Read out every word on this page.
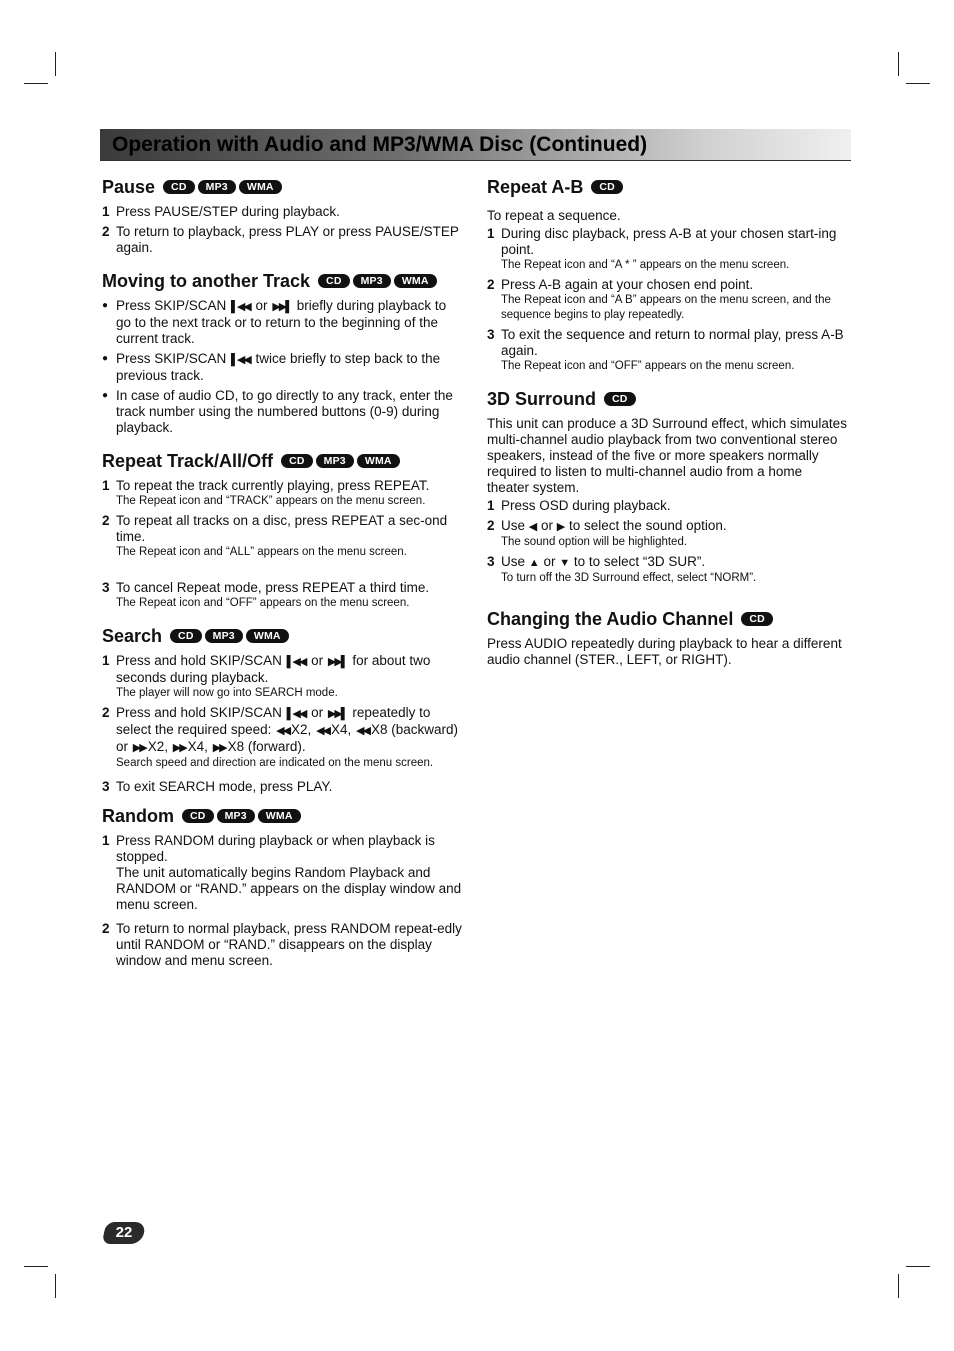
Operation with Audio and MP3/WMA Disc (Continued)
Pause	CD	MP3	WMA
1 Press PAUSE/STEP during playback.
2 To return to playback, press PLAY or press PAUSE/STEP again.
Moving to another Track	CD	MP3	WMA
● Press SKIP/SCAN ▌◀◀ or ▶▶▌ briefly during playback to go to the next track or to return to the beginning of the current track.
● Press SKIP/SCAN ▌◀◀ twice briefly to step back to the previous track.
● In case of audio CD, to go directly to any track, enter the track number using the numbered buttons (0-9) during playback.
Repeat Track/All/Off	CD	MP3	WMA
1 To repeat the track currently playing, press REPEAT.
The Repeat icon and “TRACK” appears on the menu screen.
2 To repeat all tracks on a disc, press REPEAT a sec-ond time.
The Repeat icon and “ALL” appears on the menu screen.
3 To cancel Repeat mode, press REPEAT a third time.
The Repeat icon and “OFF” appears on the menu screen.
Search	CD	MP3	WMA
1 Press and hold SKIP/SCAN ▌◀◀ or ▶▶▌ for about two seconds during playback.
The player will now go into SEARCH mode.
2 Press and hold SKIP/SCAN ▌◀◀ or ▶▶▌ repeatedly to select the required speed: ◀◀ X2, ◀◀ X4, ◀◀ X8 (backward) or ▶▶ X2, ▶▶ X4, ▶▶ X8 (forward).
Search speed and direction are indicated on the menu screen.
3 To exit SEARCH mode, press PLAY.
Random	CD	MP3	WMA
1 Press RANDOM during playback or when playback is stopped.
The unit automatically begins Random Playback and RANDOM or “RAND.” appears on the display window and menu screen.
2 To return to normal playback, press RANDOM repeat-edly until RANDOM or “RAND.” disappears on the display window and menu screen.
Repeat A-B	CD
To repeat a sequence.
1 During disc playback, press A-B at your chosen start-ing point.
The Repeat icon and “A * ” appears on the menu screen.
2 Press A-B again at your chosen end point.
The Repeat icon and “A B” appears on the menu screen, and the sequence begins to play repeatedly.
3 To exit the sequence and return to normal play, press A-B again.
The Repeat icon and “OFF” appears on the menu screen.
3D Surround	CD
This unit can produce a 3D Surround effect, which simulates multi-channel audio playback from two conventional stereo speakers, instead of the five or more speakers normally required to listen to multi-channel audio from a home theater system.
1 Press OSD during playback.
2 Use ◀ or ▶ to select the sound option.
The sound option will be highlighted.
3 Use ▲ or ▼ to to select “3D SUR”.
To turn off the 3D Surround effect, select “NORM”.
Changing the Audio Channel	CD
Press AUDIO repeatedly during playback to hear a different audio channel (STER., LEFT, or RIGHT).
22
